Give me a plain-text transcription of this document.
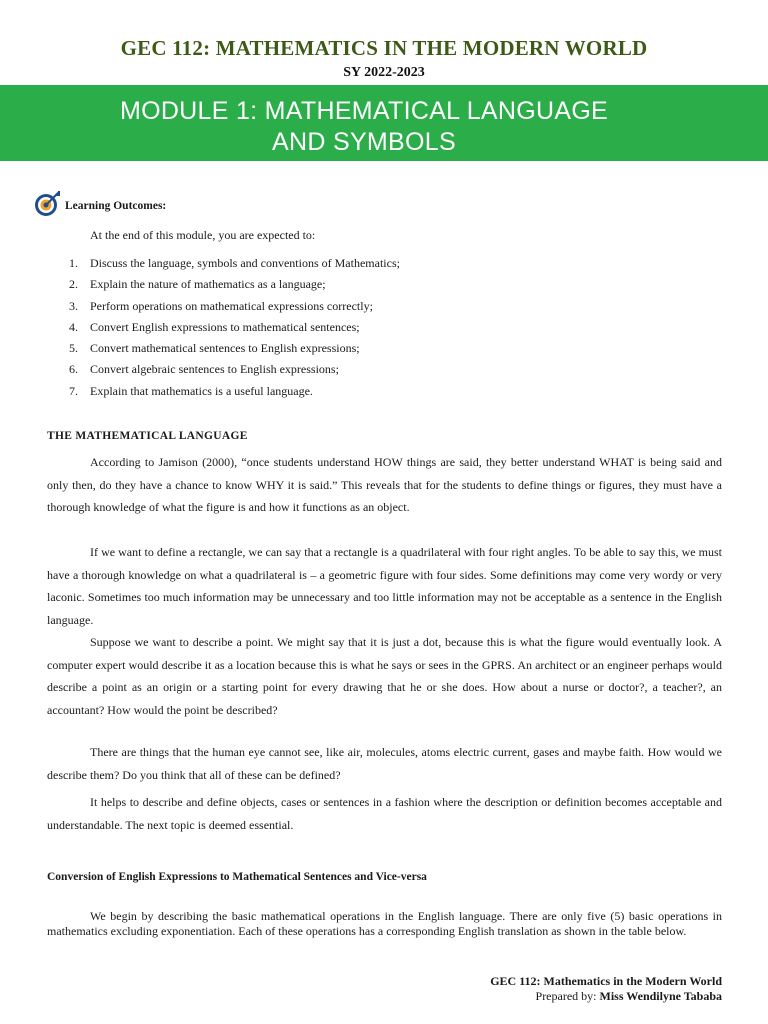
GEC 112: MATHEMATICS IN THE MODERN WORLD
SY 2022-2023
MODULE 1: MATHEMATICAL LANGUAGE
AND SYMBOLS
Learning Outcomes:
At the end of this module, you are expected to:
1. Discuss the language, symbols and conventions of Mathematics;
2. Explain the nature of mathematics as a language;
3. Perform operations on mathematical expressions correctly;
4. Convert English expressions to mathematical sentences;
5. Convert mathematical sentences to English expressions;
6. Convert algebraic sentences to English expressions;
7. Explain that mathematics is a useful language.
THE MATHEMATICAL LANGUAGE

According to Jamison (2000), “once students understand HOW things are said, they better understand WHAT is being said and only then, do they have a chance to know WHY it is said.” This reveals that for the students to define things or figures, they must have a thorough knowledge of what the figure is and how it functions as an object.

If we want to define a rectangle, we can say that a rectangle is a quadrilateral with four right angles. To be able to say this, we must have a thorough knowledge on what a quadrilateral is – a geometric figure with four sides. Some definitions may come very wordy or very laconic. Sometimes too much information may be unnecessary and too little information may not be acceptable as a sentence in the English language.

Suppose we want to describe a point. We might say that it is just a dot, because this is what the figure would eventually look. A computer expert would describe it as a location because this is what he says or sees in the GPRS. An architect or an engineer perhaps would describe a point as an origin or a starting point for every drawing that he or she does. How about a nurse or doctor?, a teacher?, an accountant? How would the point be described?

There are things that the human eye cannot see, like air, molecules, atoms electric current, gases and maybe faith. How would we describe them? Do you think that all of these can be defined?

It helps to describe and define objects, cases or sentences in a fashion where the description or definition becomes acceptable and understandable. The next topic is deemed essential.

Conversion of English Expressions to Mathematical Sentences and Vice-versa

We begin by describing the basic mathematical operations in the English language. There are only five (5) basic operations in mathematics excluding exponentiation. Each of these operations has a corresponding English translation as shown in the table below.

GEC 112: Mathematics in the Modern World
Prepared by: Miss Wendilyne Tababa
